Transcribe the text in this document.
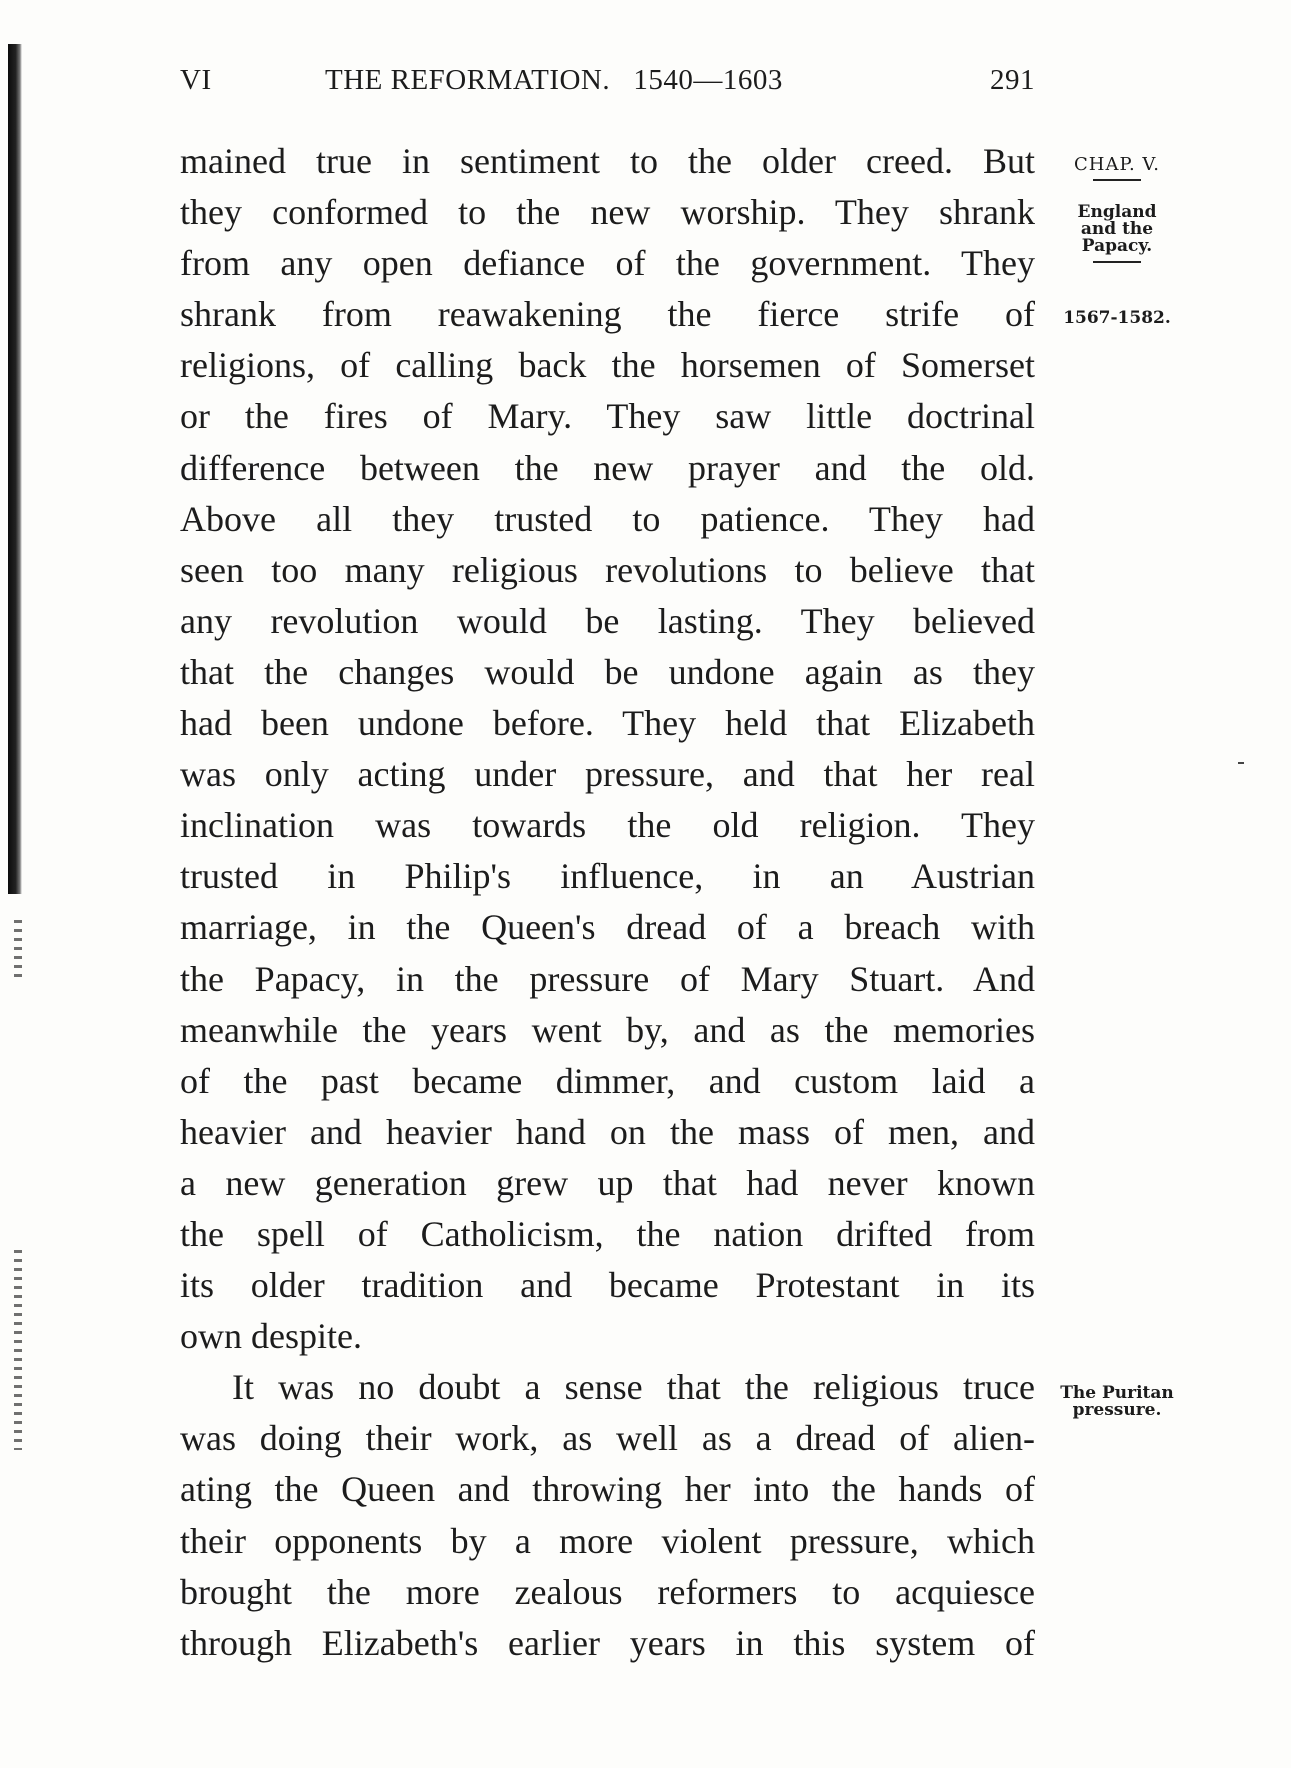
VI	THE REFORMATION. 1540—1603	291
CHAP. V.
England
and the
Papacy.
1567-1582.
The Puritan
pressure.
mained true in sentiment to the older creed. But
they conformed to the new worship. They shrank
from any open defiance of the government. They
shrank from reawakening the fierce strife of
religions, of calling back the horsemen of Somerset
or the fires of Mary. They saw little doctrinal
difference between the new prayer and the old.
Above all they trusted to patience. They had
seen too many religious revolutions to believe that
any revolution would be lasting. They believed
that the changes would be undone again as they
had been undone before. They held that Elizabeth
was only acting under pressure, and that her real
inclination was towards the old religion. They
trusted in Philip's influence, in an Austrian
marriage, in the Queen's dread of a breach with
the Papacy, in the pressure of Mary Stuart. And
meanwhile the years went by, and as the memories
of the past became dimmer, and custom laid a
heavier and heavier hand on the mass of men, and
a new generation grew up that had never known
the spell of Catholicism, the nation drifted from
its older tradition and became Protestant in its
own despite.
It was no doubt a sense that the religious truce
was doing their work, as well as a dread of alien-
ating the Queen and throwing her into the hands of
their opponents by a more violent pressure, which
brought the more zealous reformers to acquiesce
through Elizabeth's earlier years in this system of
